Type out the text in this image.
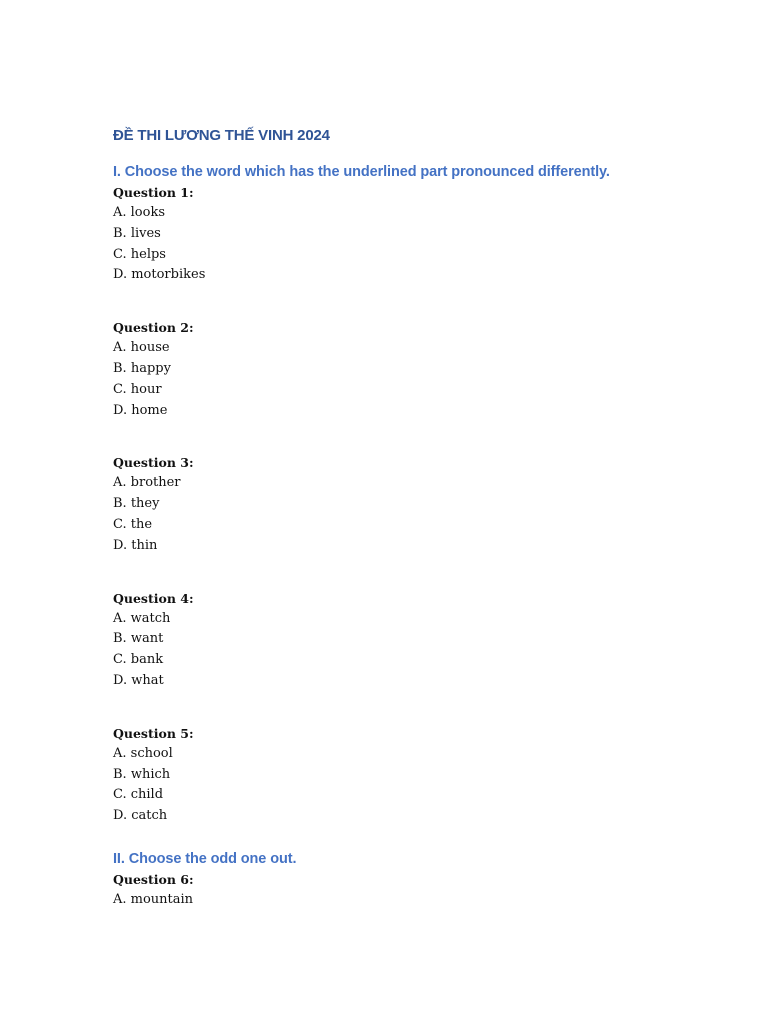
ĐỀ THI LƯƠNG THẾ VINH 2024
I. Choose the word which has the underlined part pronounced differently.
Question 1:
A. looks
B. lives
C. helps
D. motorbikes
Question 2:
A. house
B. happy
C. hour
D. home
Question 3:
A. brother
B. they
C. the
D. thin
Question 4:
A. watch
B. want
C. bank
D. what
Question 5:
A. school
B. which
C. child
D. catch
II. Choose the odd one out.
Question 6:
A. mountain
